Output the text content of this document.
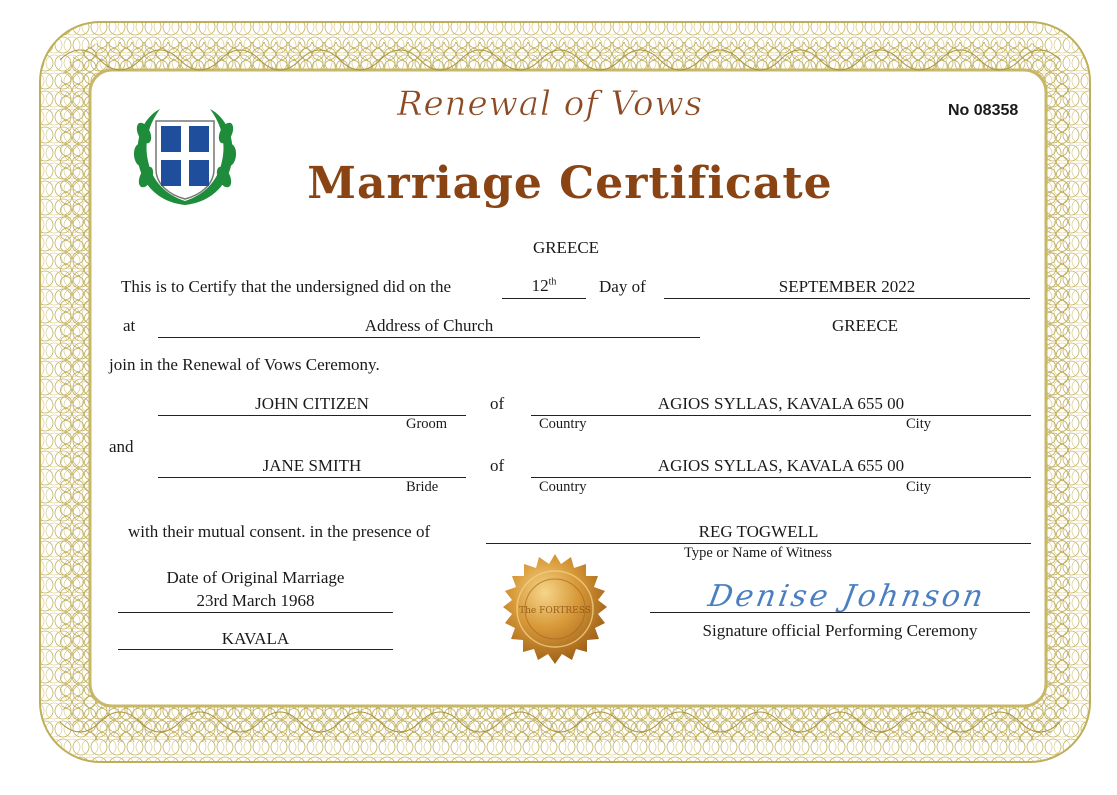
Renewal of Vows
Marriage Certificate
No 08358
GREECE
This is to Certify that the undersigned did on the	12th	Day of	SEPTEMBER 2022
at	Address of Church	GREECE
join in the Renewal of Vows Ceremony.
JOHN CITIZEN
Groom
of	AGIOS SYLLAS, KAVALA 655 00
Country	City
and
JANE SMITH
Bride
of	AGIOS SYLLAS, KAVALA 655 00
Country	City
with their mutual consent. in the presence of	REG TOGWELL
Type or Name of Witness
Date of Original Marriage
23rd March 1968
KAVALA
The FORTRESS	Denise Johnson
Signature official Performing Ceremony
